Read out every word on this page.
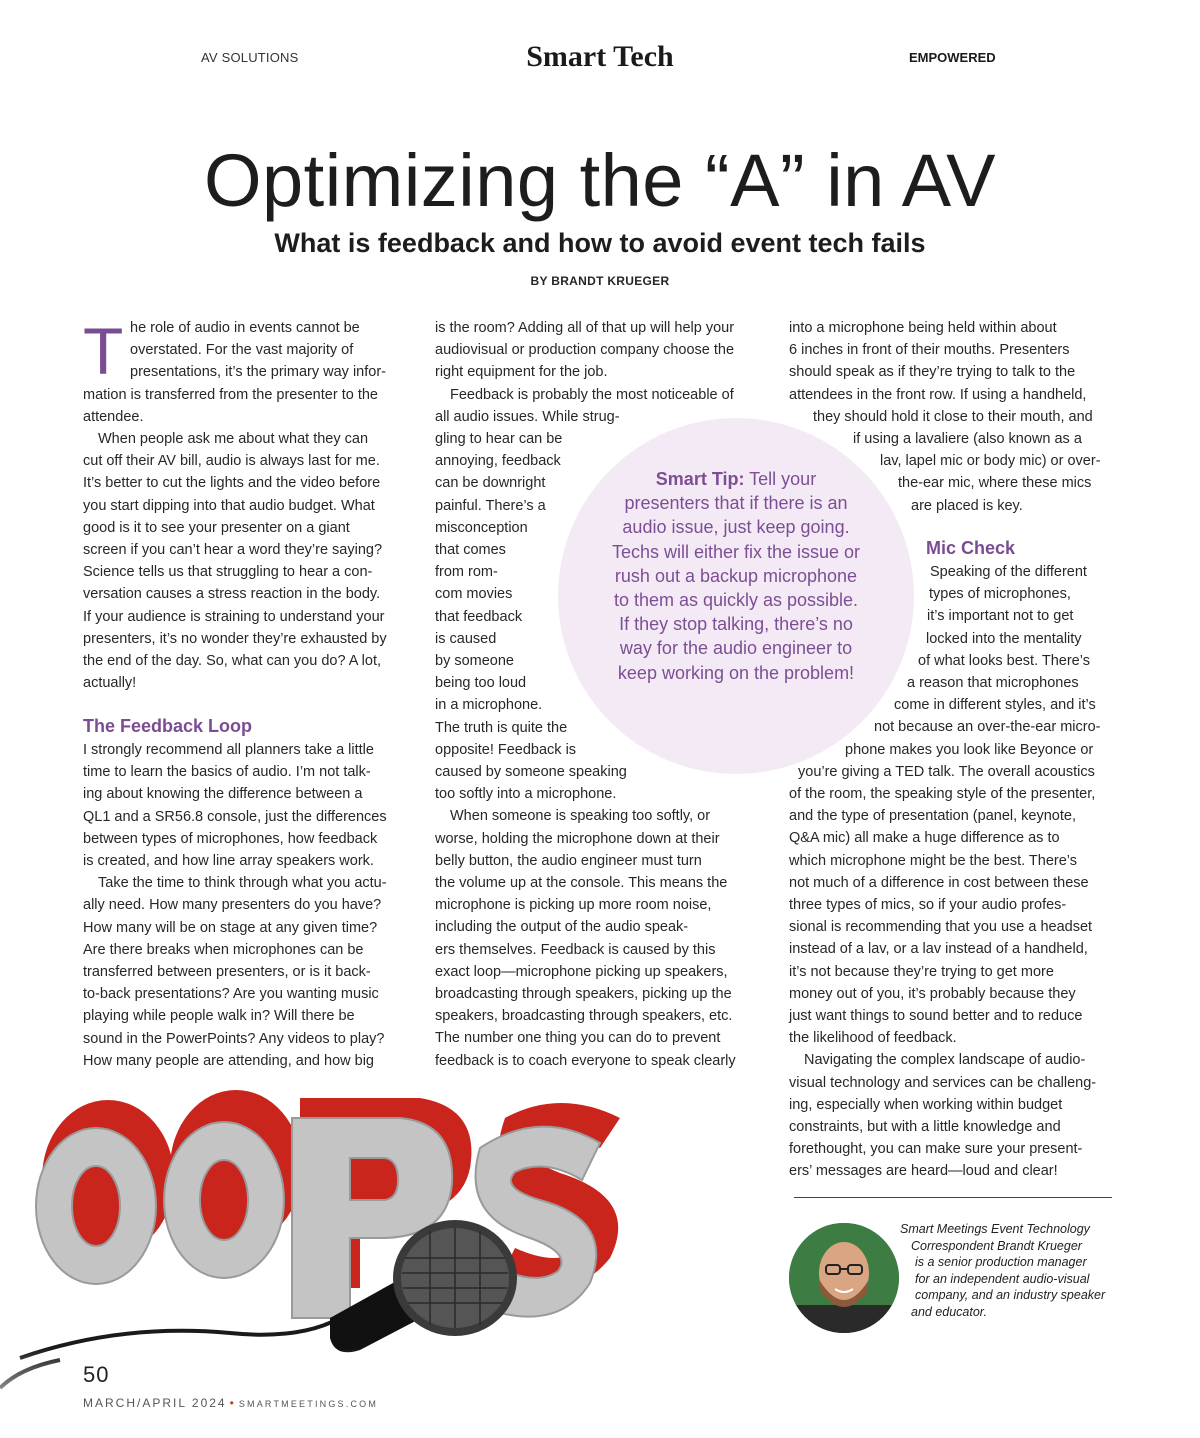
AV SOLUTIONS	Smart Tech	EMPOWERED
Optimizing the “A” in AV
What is feedback and how to avoid event tech fails
BY BRANDT KRUEGER
T he role of audio in events cannot be
overstated. For the vast majority of
presentations, it’s the primary way infor-
mation is transferred from the presenter to the
attendee.
When people ask me about what they can
cut off their AV bill, audio is always last for me.
It’s better to cut the lights and the video before
you start dipping into that audio budget. What
good is it to see your presenter on a giant
screen if you can’t hear a word they’re saying?
Science tells us that struggling to hear a con-
versation causes a stress reaction in the body.
If your audience is straining to understand your
presenters, it’s no wonder they’re exhausted by
the end of the day. So, what can you do? A lot,
actually!
I strongly recommend all planners take a little
time to learn the basics of audio. I’m not talk-
ing about knowing the difference between a
QL1 and a SR56.8 console, just the differences
between types of microphones, how feedback
is created, and how line array speakers work.
Take the time to think through what you actu-
ally need. How many presenters do you have?
How many will be on stage at any given time?
Are there breaks when microphones can be
transferred between presenters, or is it back-
to-back presentations? Are you wanting music
playing while people walk in? Will there be
sound in the PowerPoints? Any videos to play?
How many people are attending, and how big
is the room? Adding all of that up will help your
audiovisual or production company choose the
right equipment for the job.
Feedback is probably the most noticeable of
all audio issues. While strug-
gling to hear can be
annoying, feedback
can be downright
painful. There’s a
misconception
that comes
from rom-
com movies
that feedback
is caused
by someone
being too loud
in a microphone.
The truth is quite the
opposite! Feedback is
caused by someone speaking
too softly into a microphone.
When someone is speaking too softly, or
worse, holding the microphone down at their
belly button, the audio engineer must turn
the volume up at the console. This means the
microphone is picking up more room noise,
including the output of the audio speak-
ers themselves. Feedback is caused by this
exact loop—microphone picking up speakers,
broadcasting through speakers, picking up the
speakers, broadcasting through speakers, etc.
The number one thing you can do to prevent
feedback is to coach everyone to speak clearly
into a microphone being held within about
6 inches in front of their mouths. Presenters
should speak as if they’re trying to talk to the
attendees in the front row. If using a handheld,
they should hold it close to their mouth, and
if using a lavaliere (also known as a
lav, lapel mic or body mic) or over-
the-ear mic, where these mics
are placed is key.
Speaking of the different
types of microphones,
it’s important not to get
locked into the mentality
of what looks best. There’s
a reason that microphones
come in different styles, and it’s
not because an over-the-ear micro-
phone makes you look like Beyonce or
you’re giving a TED talk. The overall acoustics
of the room, the speaking style of the presenter,
and the type of presentation (panel, keynote,
Q&A mic) all make a huge difference as to
which microphone might be the best. There’s
not much of a difference in cost between these
three types of mics, so if your audio profes-
sional is recommending that you use a headset
instead of a lav, or a lav instead of a handheld,
it’s not because they’re trying to get more
money out of you, it’s probably because they
just want things to sound better and to reduce
the likelihood of feedback.
Navigating the complex landscape of audio-
visual technology and services can be challeng-
ing, especially when working within budget
constraints, but with a little knowledge and
forethought, you can make sure your present-
ers’ messages are heard—loud and clear!
The Feedback Loop
Mic Check
Smart Tip: Tell your
presenters that if there is an
audio issue, just keep going.
Techs will either fix the issue or
rush out a backup microphone
to them as quickly as possible.
If they stop talking, there’s no
way for the audio engineer to
keep working on the problem!
Smart Meetings Event Technology
Correspondent Brandt Krueger
is a senior production manager
for an independent audio-visual
company, and an industry speaker
and educator.
50
MARCH/APRIL 2024 • SMARTMEETINGS.COM
